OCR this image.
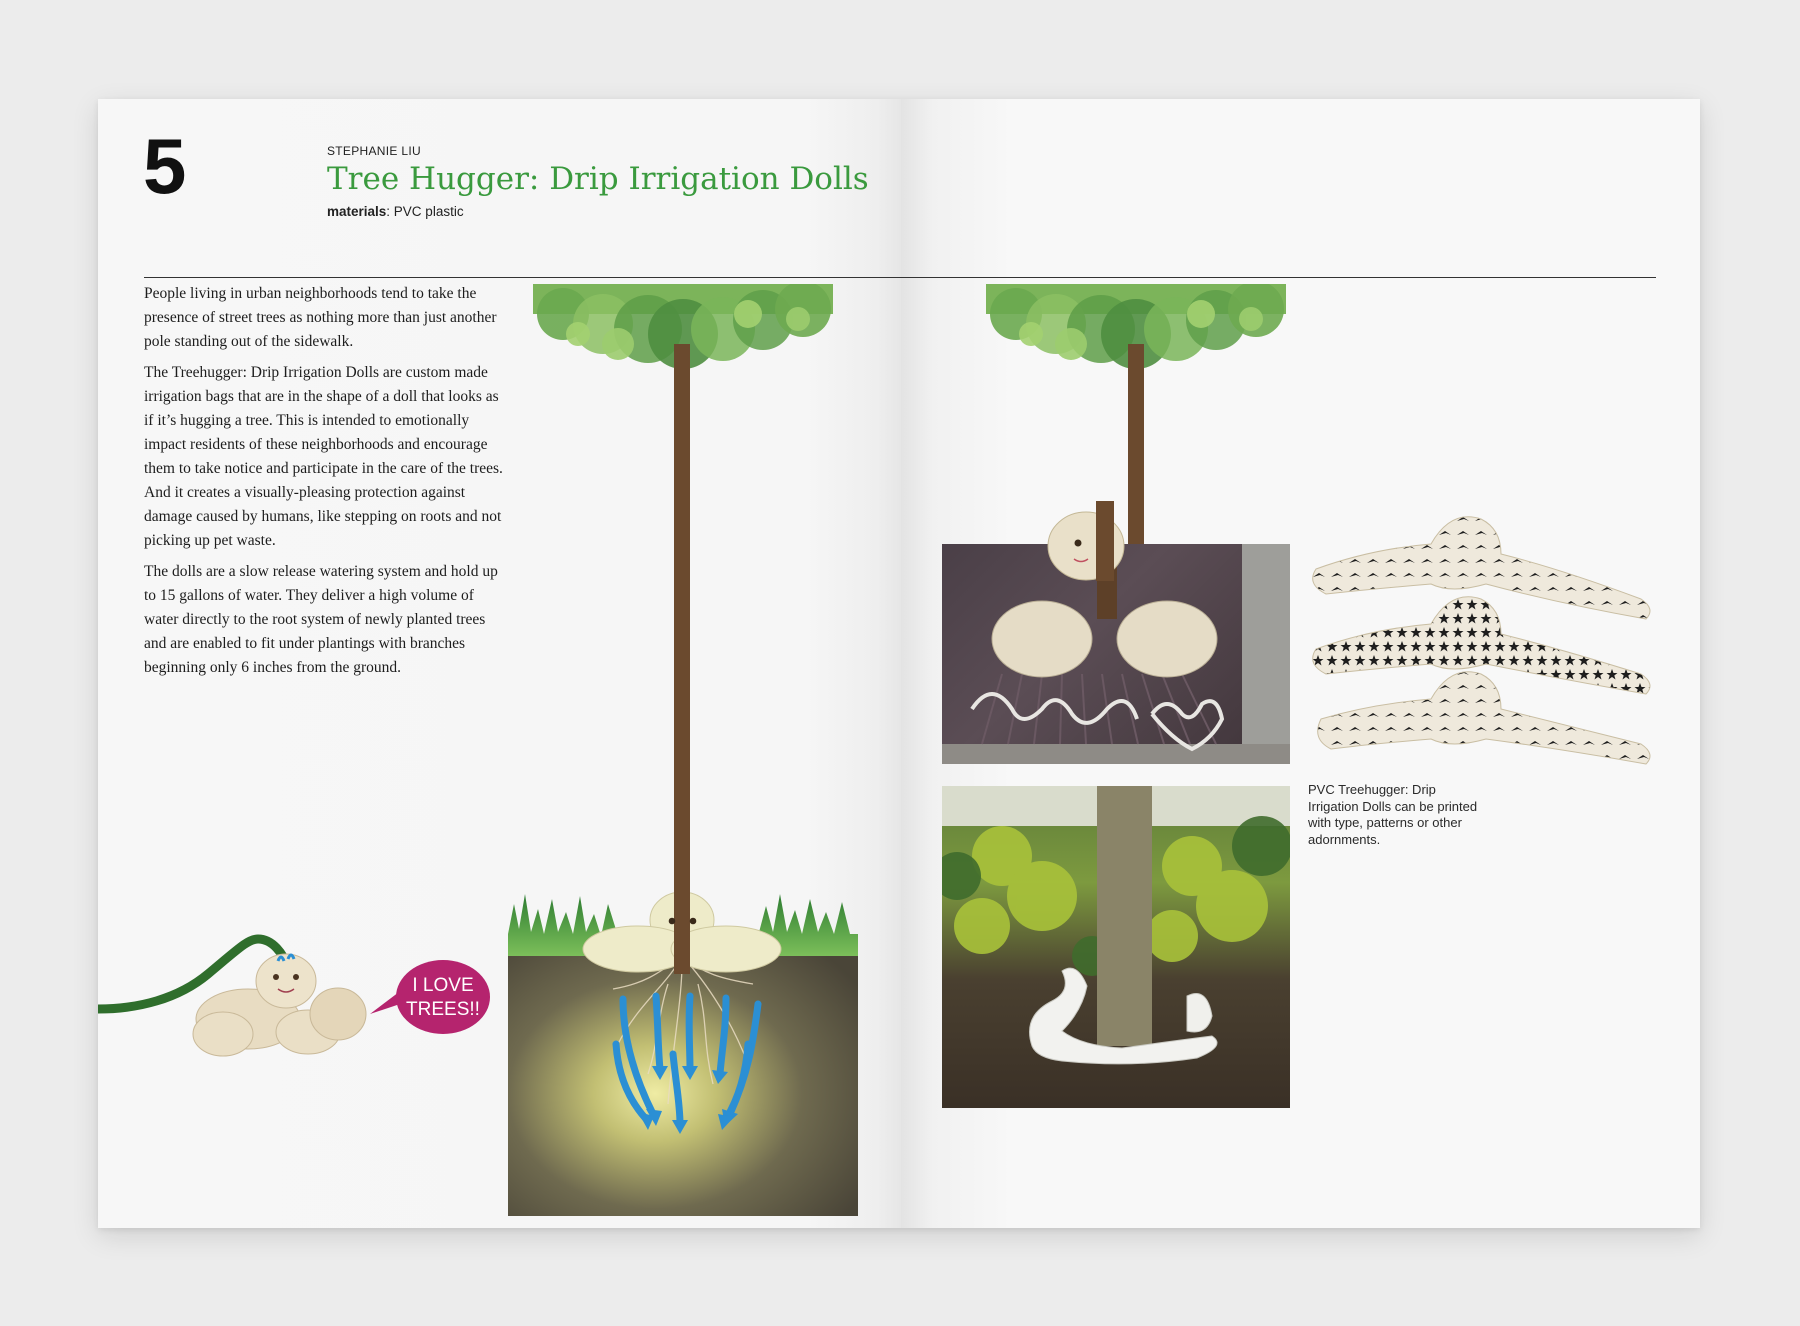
5	STEPHANIE LIU
Tree Hugger: Drip Irrigation Dolls
materials: PVC plastic

People living in urban neighborhoods tend to take the presence of street trees as nothing more than just another pole standing out of the sidewalk.

The Treehugger: Drip Irrigation Dolls are custom made irrigation bags that are in the shape of a doll that looks as if it’s hugging a tree. This is intended to emotionally impact residents of these neighborhoods and encourage them to take notice and participate in the care of the trees. And it creates a visually-pleasing protection against damage caused by humans, like stepping on roots and not picking up pet waste.

The dolls are a slow release watering system and hold up to 15 gallons of water. They deliver a high volume of water directly to the root system of newly planted trees and are enabled to fit under plantings with branches beginning only 6 inches from the ground.

I LOVE
TREES!!
PVC Treehugger: Drip Irrigation Dolls can be printed with type, patterns or other adornments.
